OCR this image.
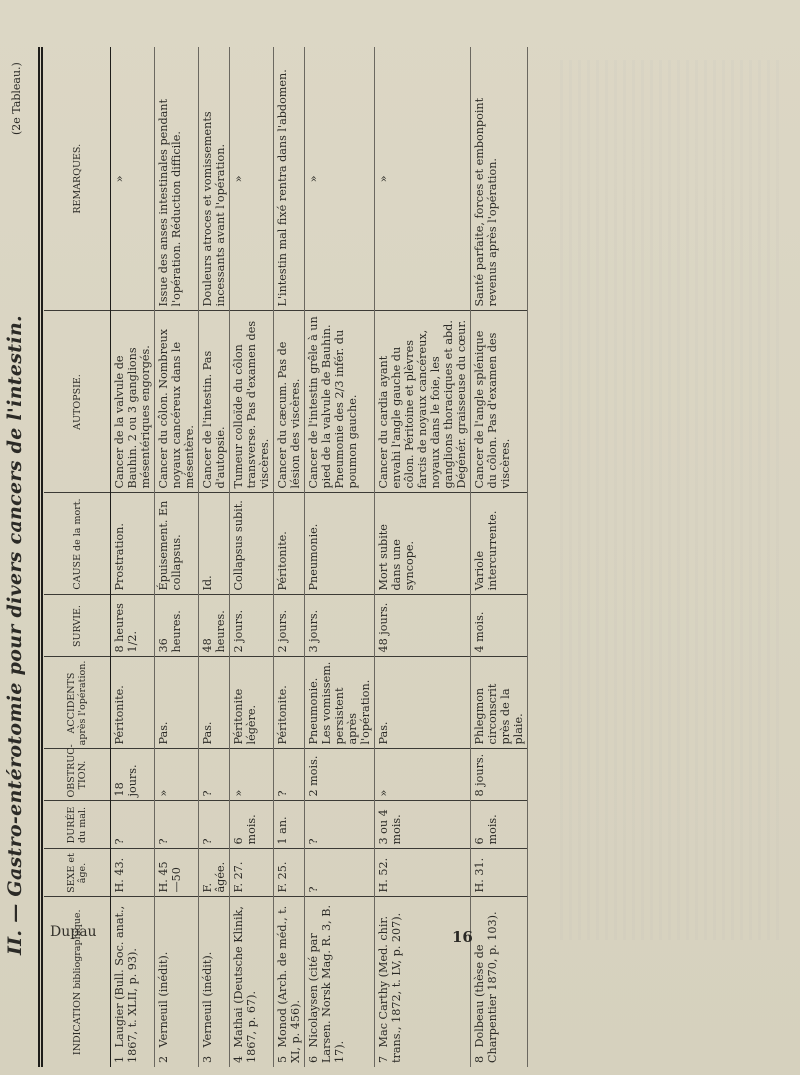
II. — Gastro-entérotomie pour divers cancers de l'intestin.
(2e Tableau.)
INDICATION bibliographique.	SEXE et âge.	DURÉE du mal.	OBSTRUC- TION.	ACCIDENTS après l'opération.	SURVIE.	CAUSE de la mort.	AUTOPSIE.	REMARQUES.
1 Laugier (Bull. Soc. anat., 1867, t. XLII, p. 93).	H. 43.	?	18 jours.	Péritonite.	8 heures 1/2.	Prostration.	Cancer de la valvule de Bauhin. 2 ou 3 ganglions mésentériques engorgés.	»
2 Verneuil (inédit).	H. 45—50	?	»	Pas.	36 heures.	Épuisement. En collapsus.	Cancer du côlon. Nombreux noyaux cancéreux dans le mésentère.	Issue des anses intestinales pendant l'opération. Réduction difficile.
3 Verneuil (inédit).	F. âgée.	?	?	Pas.	48 heures.	Id.	Cancer de l'intestin. Pas d'autopsie.	Douleurs atroces et vomissements incessants avant l'opération.
4 Mathai (Deutsche Klinik, 1867, p. 67).	F. 27.	6 mois.	»	Péritonite légère.	2 jours.	Collapsus subit.	Tumeur colloïde du côlon transverse. Pas d'examen des viscères.	»
5 Monod (Arch. de méd., t. XI, p. 456).	F. 25.	1 an.	?	Péritonite.	2 jours.	Péritonite.	Cancer du cæcum. Pas de lésion des viscères.	L'intestin mal fixé rentra dans l'abdomen.
6 Nicolaysen (cité par Larsen. Norsk Mag. R. 3, B. 17).	?	?	2 mois.	Pneumonie. Les vomissem. persistent après l'opération.	3 jours.	Pneumonie.	Cancer de l'intestin grêle à un pied de la valvule de Bauhin. Pneumonie des 2/3 infér. du poumon gauche.	»
7 Mac Carthy (Med. chir. trans., 1872, t. LV, p. 207).	H. 52.	3 ou 4 mois.	»	Pas.	48 jours.	Mort subite dans une syncope.	Cancer du cardia ayant envahi l'angle gauche du côlon. Péritoine et plèvres farcis de noyaux cancéreux, noyaux dans le foie, les ganglions thoraciques et abd. Dégénér. graisseuse du cœur.	»
8 Dolbeau (thèse de Charpentier 1870, p. 103).	H. 31.	6 mois.	8 jours.	Phlegmon circonscrit près de la plaie.	4 mois.	Variole intercurrente.	Cancer de l'angle splénique du côlon. Pas d'examen des viscères.	Santé parfaite, forces et embonpoint revenus après l'opération.
Dupau	16
